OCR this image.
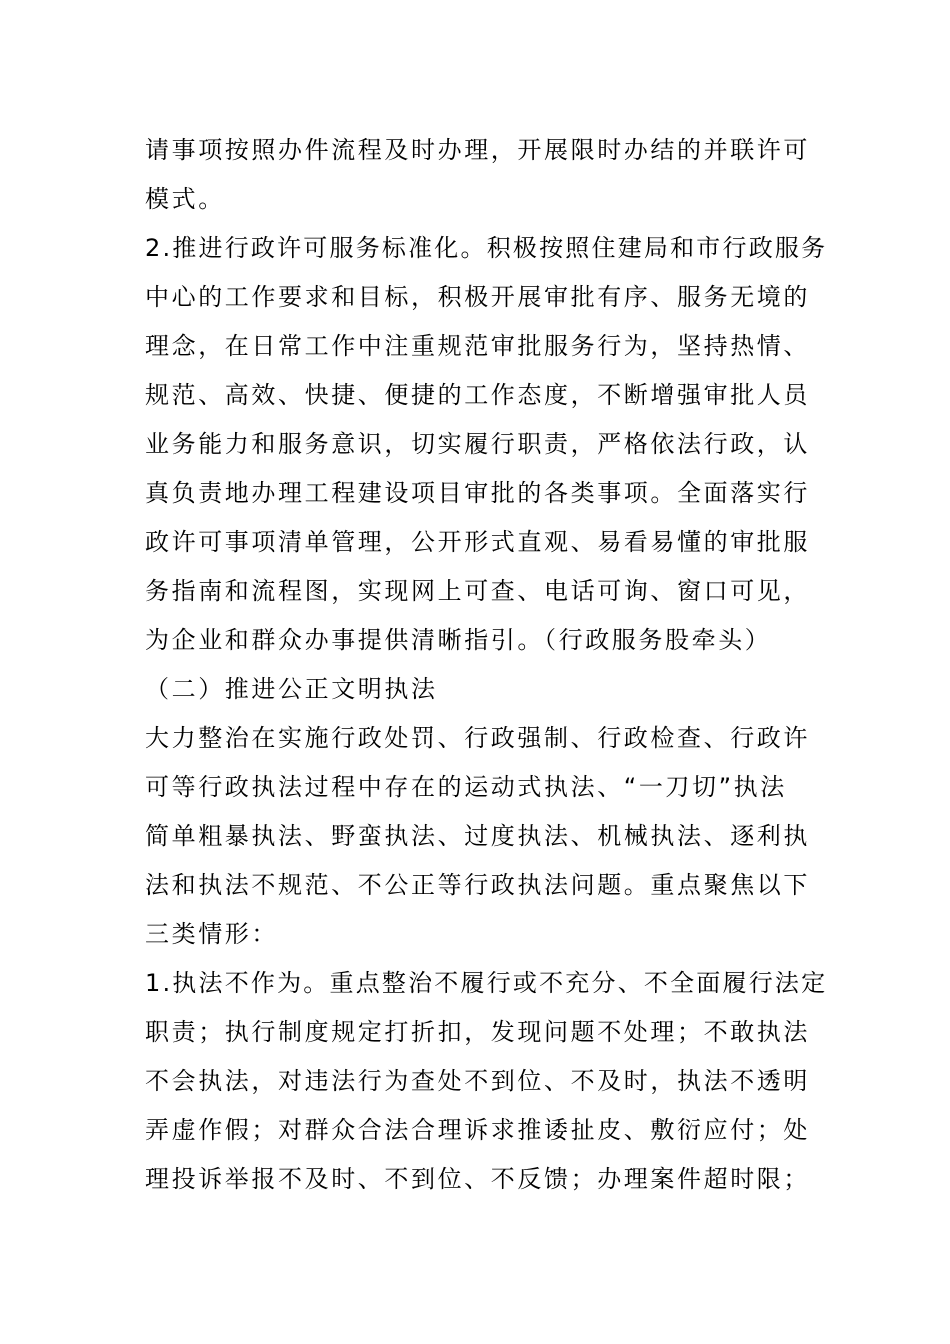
请事项按照办件流程及时办理，开展限时办结的并联许可
模式。
2.推进行政许可服务标准化。积极按照住建局和市行政服务
中心的工作要求和目标，积极开展审批有序、服务无境的
理念，在日常工作中注重规范审批服务行为，坚持热情、
规范、高效、快捷、便捷的工作态度，不断增强审批人员
业务能力和服务意识，切实履行职责，严格依法行政，认
真负责地办理工程建设项目审批的各类事项。全面落实行
政许可事项清单管理，公开形式直观、易看易懂的审批服
务指南和流程图，实现网上可查、电话可询、窗口可见，
为企业和群众办事提供清晰指引。（行政服务股牵头）
（二）推进公正文明执法
大力整治在实施行政处罚、行政强制、行政检查、行政许
可等行政执法过程中存在的运动式执法、“一刀切”执法
简单粗暴执法、野蛮执法、过度执法、机械执法、逐利执
法和执法不规范、不公正等行政执法问题。重点聚焦以下
三类情形：
1.执法不作为。重点整治不履行或不充分、不全面履行法定
职责；执行制度规定打折扣，发现问题不处理；不敢执法
不会执法，对违法行为查处不到位、不及时，执法不透明
弄虚作假；对群众合法合理诉求推诿扯皮、敷衍应付；处
理投诉举报不及时、不到位、不反馈；办理案件超时限；
